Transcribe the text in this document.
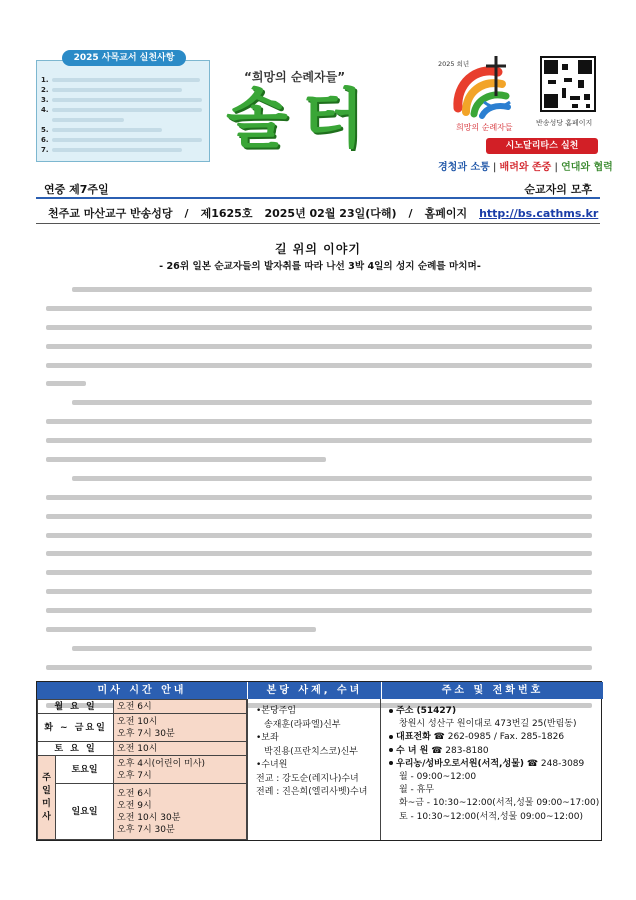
1.
2.
3.
4.
5.
6.
7.
2025 사목교서 실천사항
“희망의 순례자들”
솔터
2025 희년
희망의 순례자들	반송성당 홈페이지
시노달리타스 실천
경청과 소통 | 배려와 존중 | 연대와 협력
연중 제7주일	순교자의 모후
천주교 마산교구 반송성당 / 제1625호 2025년 02월 23일(다해) / 홈페이지 http://bs.cathms.kr
길 위의 이야기
- 26위 일본 순교자들의 발자취를 따라 나선 3박 4일의 성지 순례를 마치며-
미사 시간 안내	본당 사제, 수녀	주소 및 전화번호
월 요 일		오전 6시
화 ~ 금요일		오전 10시
오후 7시 30분

토 요 일		오전 10시

주
일
미
사	토요일	오후 4시(어린이 미사)
오후 7시

	일요일	오전 6시
오전 9시
오전 10시 30분
오후 7시 30분
•본당주임
송재훈(라파엘)신부
•보좌
박진용(프란치스코)신부
•수녀원
전교 : 강도순(레지나)수녀
전례 : 진은희(엘리사벳)수녀
주소 (51427)
창원시 성산구 원이대로 473번길 25(반림동)
대표전화 ☎ 262-0985 / Fax. 285-1826
수 녀 원 ☎ 283-8180
우리농/성바오로서원(서적,성물) ☎ 248-3089
월 - 09:00~12:00
월 - 휴무
화~금 - 10:30~12:00(서적,성물 09:00~17:00)
토 - 10:30~12:00(서적,성물 09:00~12:00)
